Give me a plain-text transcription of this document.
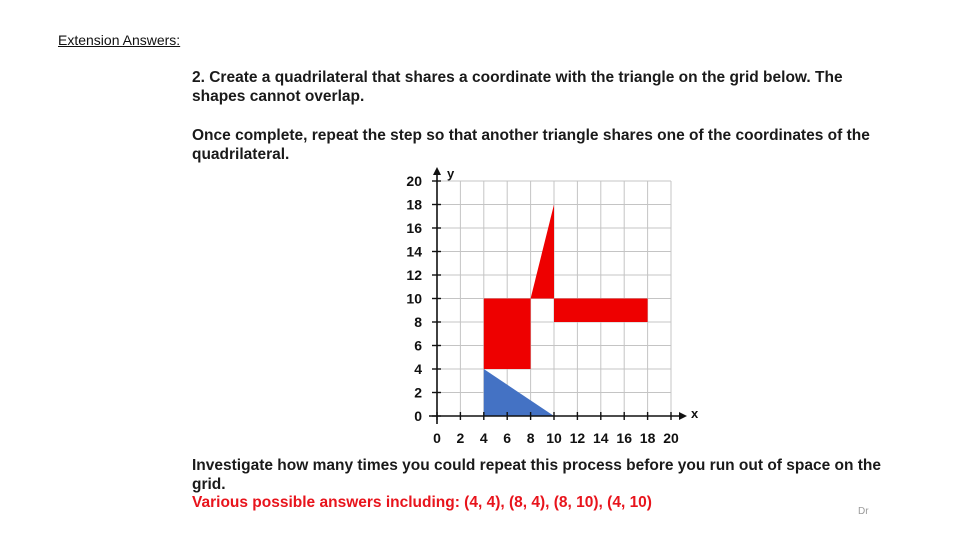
Extension Answers:
2. Create a quadrilateral that shares a coordinate with the triangle on the grid below. The shapes cannot overlap.
Once complete, repeat the step so that another triangle shares one of the coordinates of the quadrilateral.
0 2 4 6 8 10 12 14 16 18 20
0
2
4
6
8
10
12
14
16
18
20
x
y
Investigate how many times you could repeat this process before you run out of space on the grid.
Various possible answers including: (4, 4), (8, 4), (8, 10), (4, 10)
Dr
